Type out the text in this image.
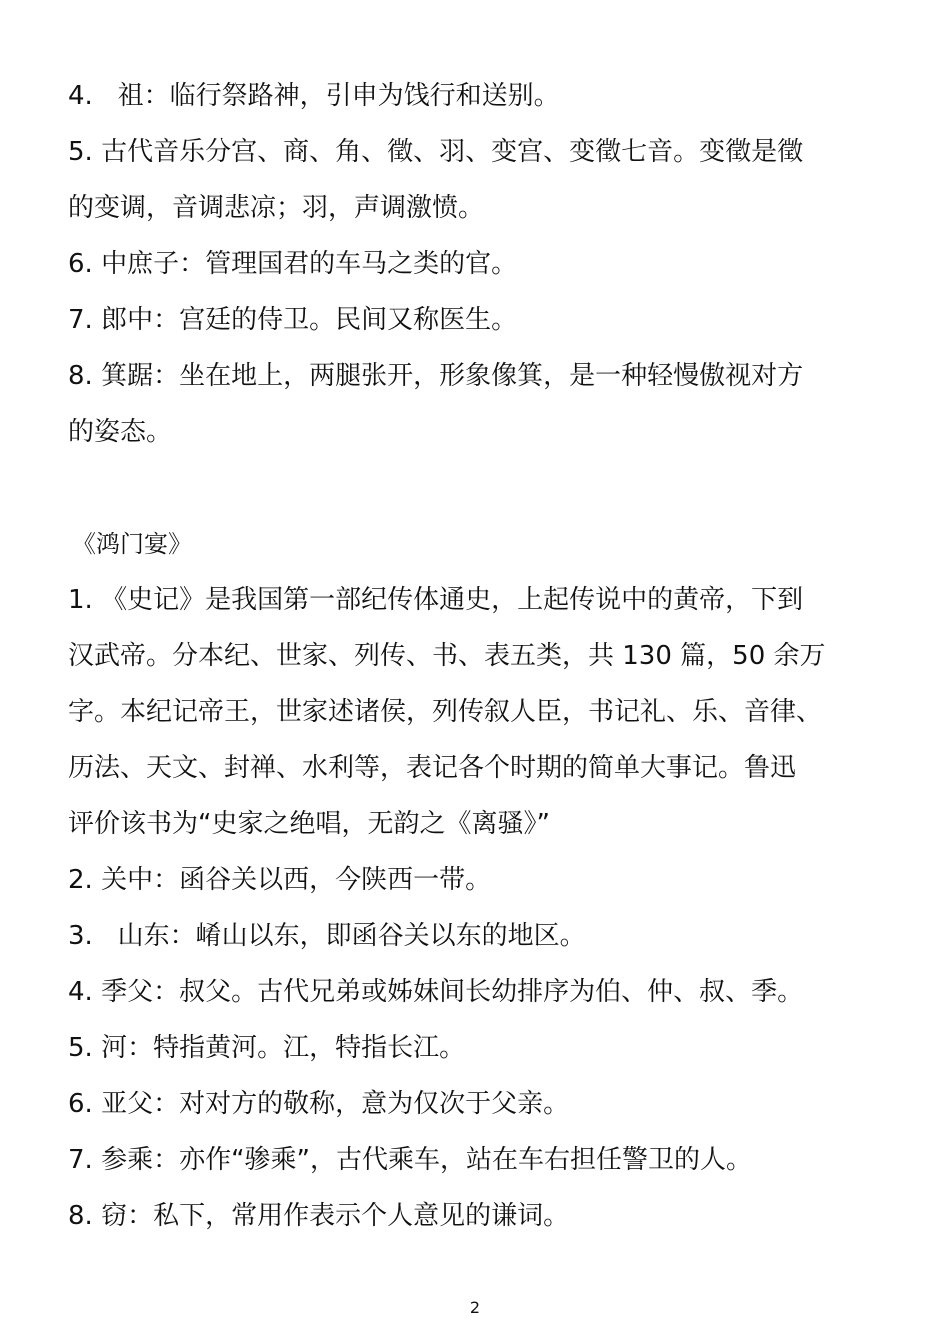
4.   祖：临行祭路神，引申为饯行和送别。
5. 古代音乐分宫、商、角、徵、羽、变宫、变徵七音。变徵是徵
的变调，音调悲凉；羽，声调激愤。
6. 中庶子：管理国君的车马之类的官。
7. 郎中：宫廷的侍卫。民间又称医生。
8. 箕踞：坐在地上，两腿张开，形象像箕，是一种轻慢傲视对方
的姿态。
《鸿门宴》
1. 《史记》是我国第一部纪传体通史，上起传说中的黄帝，下到
汉武帝。分本纪、世家、列传、书、表五类，共 130 篇，50 余万
字。本纪记帝王，世家述诸侯，列传叙人臣，书记礼、乐、音律、
历法、天文、封禅、水利等，表记各个时期的简单大事记。鲁迅
评价该书为“史家之绝唱，无韵之《离骚》”
2. 关中：函谷关以西，今陕西一带。
3.   山东：崤山以东，即函谷关以东的地区。
4. 季父：叔父。古代兄弟或姊妹间长幼排序为伯、仲、叔、季。
5. 河：特指黄河。江，特指长江。
6. 亚父：对对方的敬称，意为仅次于父亲。
7. 参乘：亦作“骖乘”，古代乘车，站在车右担任警卫的人。
8. 窃：私下，常用作表示个人意见的谦词。
2
